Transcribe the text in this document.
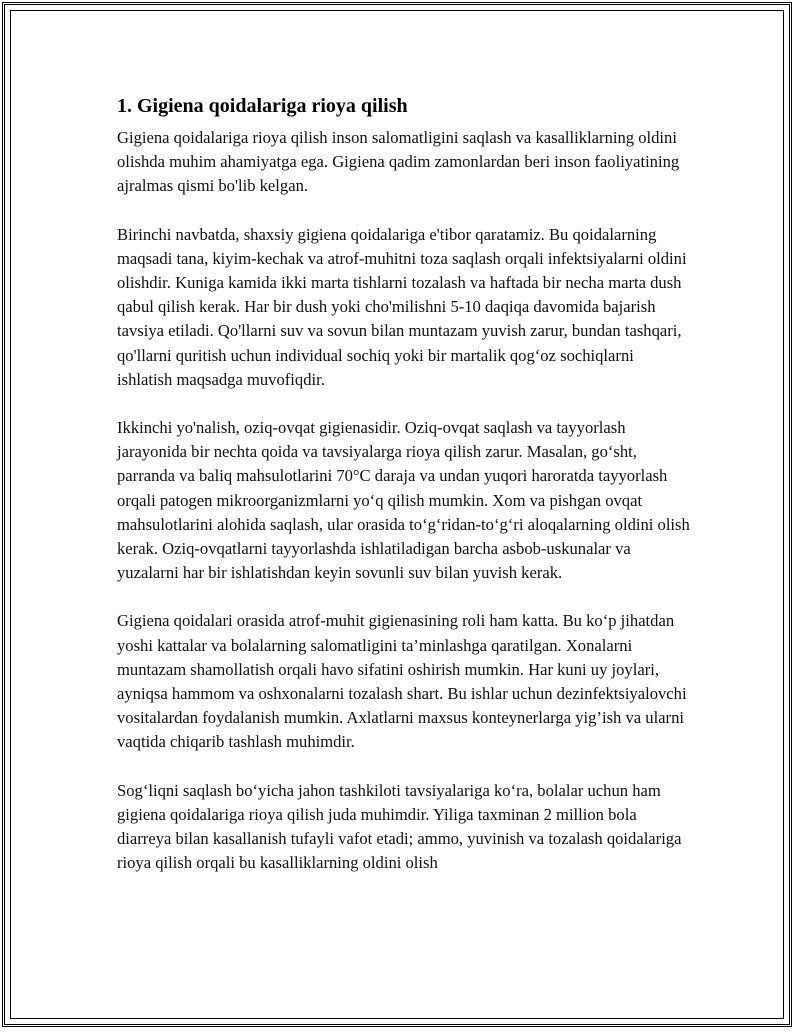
1. Gigiena qoidalariga rioya qilish

Gigiena qoidalariga rioya qilish inson salomatligini saqlash va kasalliklarning oldini olishda muhim ahamiyatga ega. Gigiena qadim zamonlardan beri inson faoliyatining ajralmas qismi bo'lib kelgan.

Birinchi navbatda, shaxsiy gigiena qoidalariga e'tibor qaratamiz. Bu qoidalarning maqsadi tana, kiyim-kechak va atrof-muhitni toza saqlash orqali infektsiyalarni oldini olishdir. Kuniga kamida ikki marta tishlarni tozalash va haftada bir necha marta dush qabul qilish kerak. Har bir dush yoki cho'milishni 5-10 daqiqa davomida bajarish tavsiya etiladi. Qo'llarni suv va sovun bilan muntazam yuvish zarur, bundan tashqari, qo'llarni quritish uchun individual sochiq yoki bir martalik qog‘oz sochiqlarni ishlatish maqsadga muvofiqdir.

Ikkinchi yo'nalish, oziq-ovqat gigienasidir. Oziq-ovqat saqlash va tayyorlash jarayonida bir nechta qoida va tavsiyalarga rioya qilish zarur. Masalan, go‘sht, parranda va baliq mahsulotlarini 70°C daraja va undan yuqori haroratda tayyorlash orqali patogen mikroorganizmlarni yo‘q qilish mumkin. Xom va pishgan ovqat mahsulotlarini alohida saqlash, ular orasida to‘g‘ridan-to‘g‘ri aloqalarning oldini olish kerak. Oziq-ovqatlarni tayyorlashda ishlatiladigan barcha asbob-uskunalar va yuzalarni har bir ishlatishdan keyin sovunli suv bilan yuvish kerak.

Gigiena qoidalari orasida atrof-muhit gigienasining roli ham katta. Bu ko‘p jihatdan yoshi kattalar va bolalarning salomatligini ta’minlashga qaratilgan. Xonalarni muntazam shamollatish orqali havo sifatini oshirish mumkin. Har kuni uy joylari, ayniqsa hammom va oshxonalarni tozalash shart. Bu ishlar uchun dezinfektsiyalovchi vositalardan foydalanish mumkin. Axlatlarni maxsus konteynerlarga yig’ish va ularni vaqtida chiqarib tashlash muhimdir.

Sog‘liqni saqlash bo‘yicha jahon tashkiloti tavsiyalariga ko‘ra, bolalar uchun ham gigiena qoidalariga rioya qilish juda muhimdir. Yiliga taxminan 2 million bola diarreya bilan kasallanish tufayli vafot etadi; ammo, yuvinish va tozalash qoidalariga rioya qilish orqali bu kasalliklarning oldini olish
